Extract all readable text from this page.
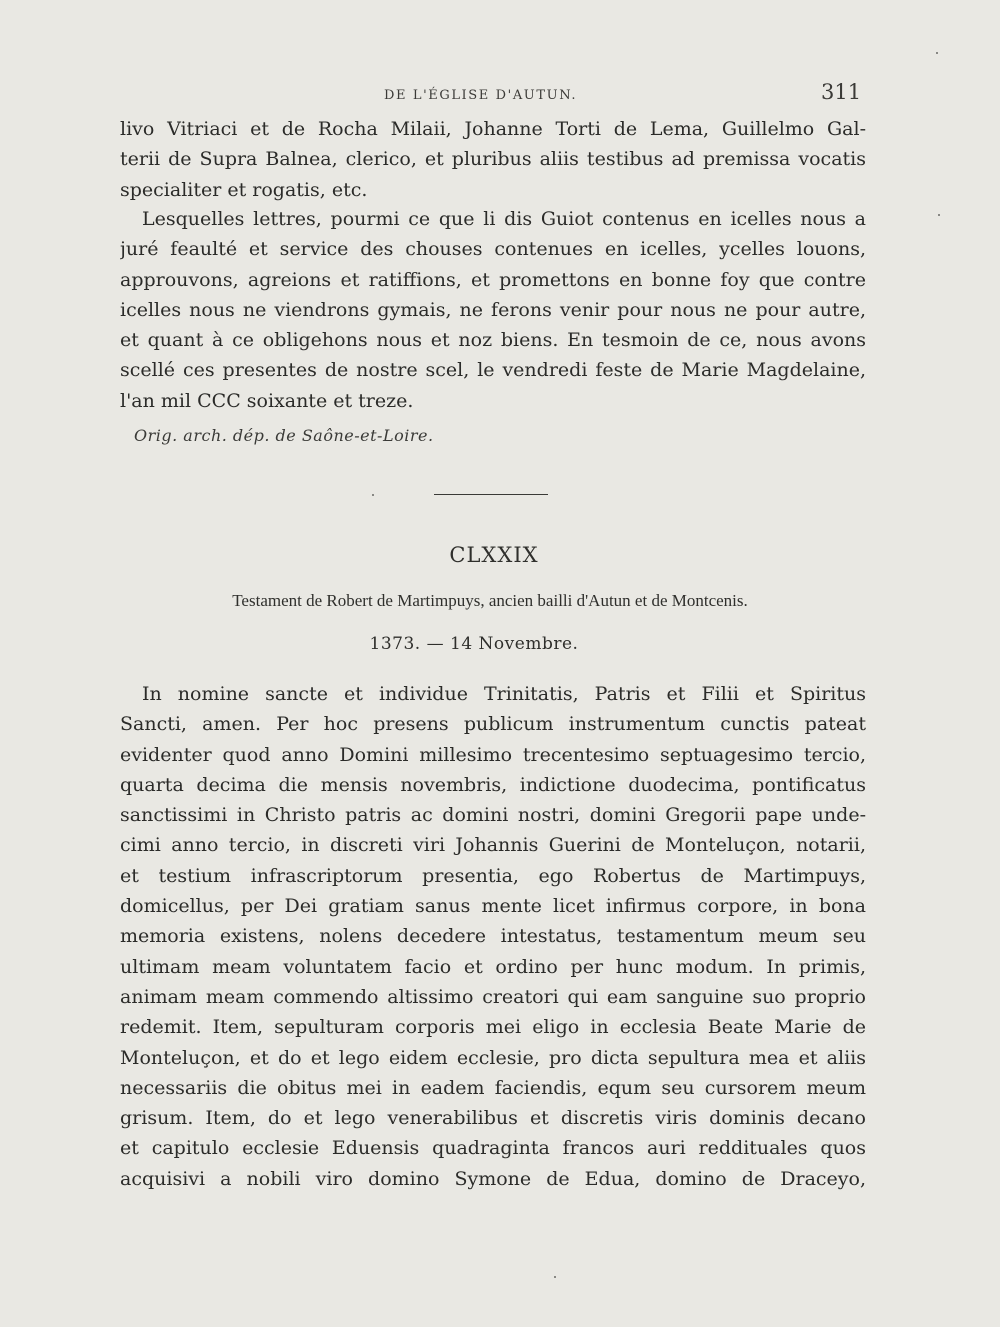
DE L'ÉGLISE D'AUTUN.	311
livo Vitriaci et de Rocha Milaii, Johanne Torti de Lema, Guillelmo Gal-
terii de Supra Balnea, clerico, et pluribus aliis testibus ad premissa vocatis
specialiter et rogatis, etc.
Lesquelles lettres, pourmi ce que li dis Guiot contenus en icelles nous a
juré feaulté et service des chouses contenues en icelles, ycelles louons,
approuvons, agreions et ratiffions, et promettons en bonne foy que contre
icelles nous ne viendrons gymais, ne ferons venir pour nous ne pour autre,
et quant à ce obligehons nous et noz biens. En tesmoin de ce, nous avons
scellé ces presentes de nostre scel, le vendredi feste de Marie Magdelaine,
l'an mil CCC soixante et treze.
Orig. arch. dép. de Saône-et-Loire.
CLXXIX
Testament de Robert de Martimpuys, ancien bailli d'Autun et de Montcenis.
1373. — 14 Novembre.
In nomine sancte et individue Trinitatis, Patris et Filii et Spiritus
Sancti, amen. Per hoc presens publicum instrumentum cunctis pateat
evidenter quod anno Domini millesimo trecentesimo septuagesimo tercio,
quarta decima die mensis novembris, indictione duodecima, pontificatus
sanctissimi in Christo patris ac domini nostri, domini Gregorii pape unde-
cimi anno tercio, in discreti viri Johannis Guerini de Monteluçon, notarii,
et testium infrascriptorum presentia, ego Robertus de Martimpuys,
domicellus, per Dei gratiam sanus mente licet infirmus corpore, in bona
memoria existens, nolens decedere intestatus, testamentum meum seu
ultimam meam voluntatem facio et ordino per hunc modum. In primis,
animam meam commendo altissimo creatori qui eam sanguine suo proprio
redemit. Item, sepulturam corporis mei eligo in ecclesia Beate Marie de
Monteluçon, et do et lego eidem ecclesie, pro dicta sepultura mea et aliis
necessariis die obitus mei in eadem faciendis, equm seu cursorem meum
grisum. Item, do et lego venerabilibus et discretis viris dominis decano
et capitulo ecclesie Eduensis quadraginta francos auri reddituales quos
acquisivi a nobili viro domino Symone de Edua, domino de Draceyo,
